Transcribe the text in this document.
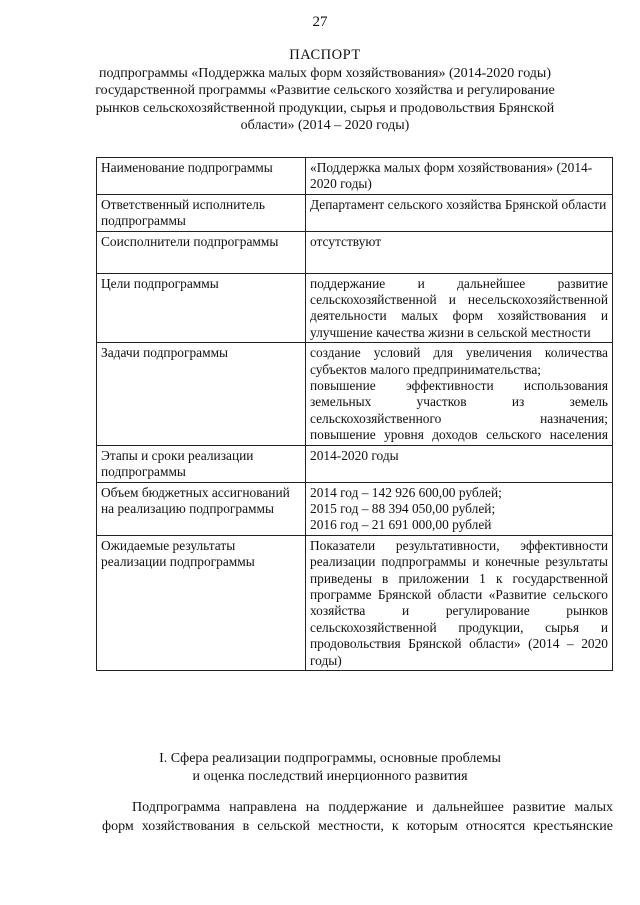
27
ПАСПОРТ
подпрограммы «Поддержка малых форм хозяйствования» (2014-2020 годы)
государственной программы «Развитие сельского хозяйства и регулирование
рынков сельскохозяйственной продукции, сырья и продовольствия Брянской
области» (2014 – 2020 годы)
Наименование подпрограммы	«Поддержка малых форм хозяйствования» (2014-2020 годы)
Ответственный исполнитель подпрограммы	Департамент сельского хозяйства Брянской области
Соисполнители подпрограммы	отсутствуют
Цели подпрограммы	поддержание и дальнейшее развитие сельскохозяйственной и несельскохозяйственной деятельности малых форм хозяйствования и улучшение качества жизни в сельской местности
Задачи подпрограммы	создание условий для увеличения количества субъектов малого предпринимательства;
повышение эффективности использования земельных участков из земель сельскохозяйственного назначения;
повышение уровня доходов сельского населения

Этапы и сроки реализации подпрограммы	2014-2020 годы
Объем бюджетных ассигнований на реализацию подпрограммы	2014 год – 142 926 600,00 рублей;
2015 год – 88 394 050,00 рублей;
2016 год – 21 691 000,00 рублей

Ожидаемые результаты реализации подпрограммы	Показатели результативности, эффективности реализации подпрограммы и конечные результаты приведены в приложении 1 к государственной программе Брянской области «Развитие сельского хозяйства и регулирование рынков сельскохозяйственной продукции, сырья и продовольствия Брянской области» (2014 – 2020 годы)
I. Сфера реализации подпрограммы, основные проблемы
и оценка последствий инерционного развития
Подпрограмма направлена на поддержание и дальнейшее развитие малых
форм хозяйствования в сельской местности, к которым относятся крестьянские
